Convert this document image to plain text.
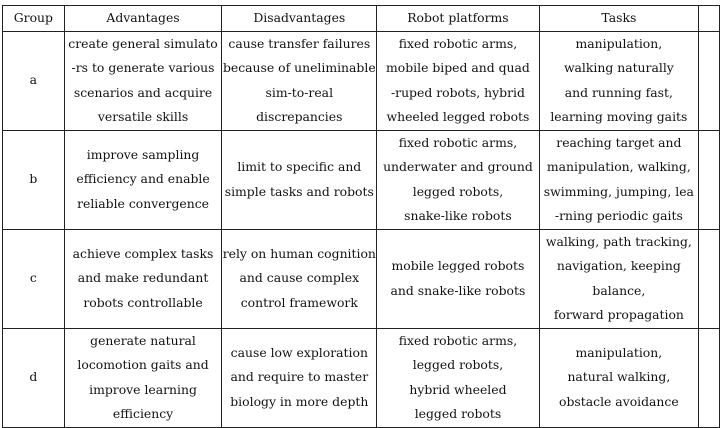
Group	Advantages	Disadvantages	Robot platforms	Tasks	
a	create general simulato
-rs to generate various
scenarios and acquire
versatile skills	cause transfer failures
because of uneliminable
sim-to-real
discrepancies	fixed robotic arms,
mobile biped and quad
-ruped robots, hybrid
wheeled legged robots	manipulation,
walking naturally
and running fast,
learning moving gaits	

b	improve sampling
efficiency and enable
reliable convergence	limit to specific and
simple tasks and robots	fixed robotic arms,
underwater and ground
legged robots,
snake-like robots	reaching target and
manipulation, walking,
swimming, jumping, lea
-rning periodic gaits	

c	achieve complex tasks
and make redundant
robots controllable	rely on human cognition
and cause complex
control framework	mobile legged robots
and snake-like robots	walking, path tracking,
navigation, keeping
balance,
forward propagation	

d	generate natural
locomotion gaits and
improve learning
efficiency	cause low exploration
and require to master
biology in more depth	fixed robotic arms,
legged robots,
hybrid wheeled
legged robots	manipulation,
natural walking,
obstacle avoidance	
